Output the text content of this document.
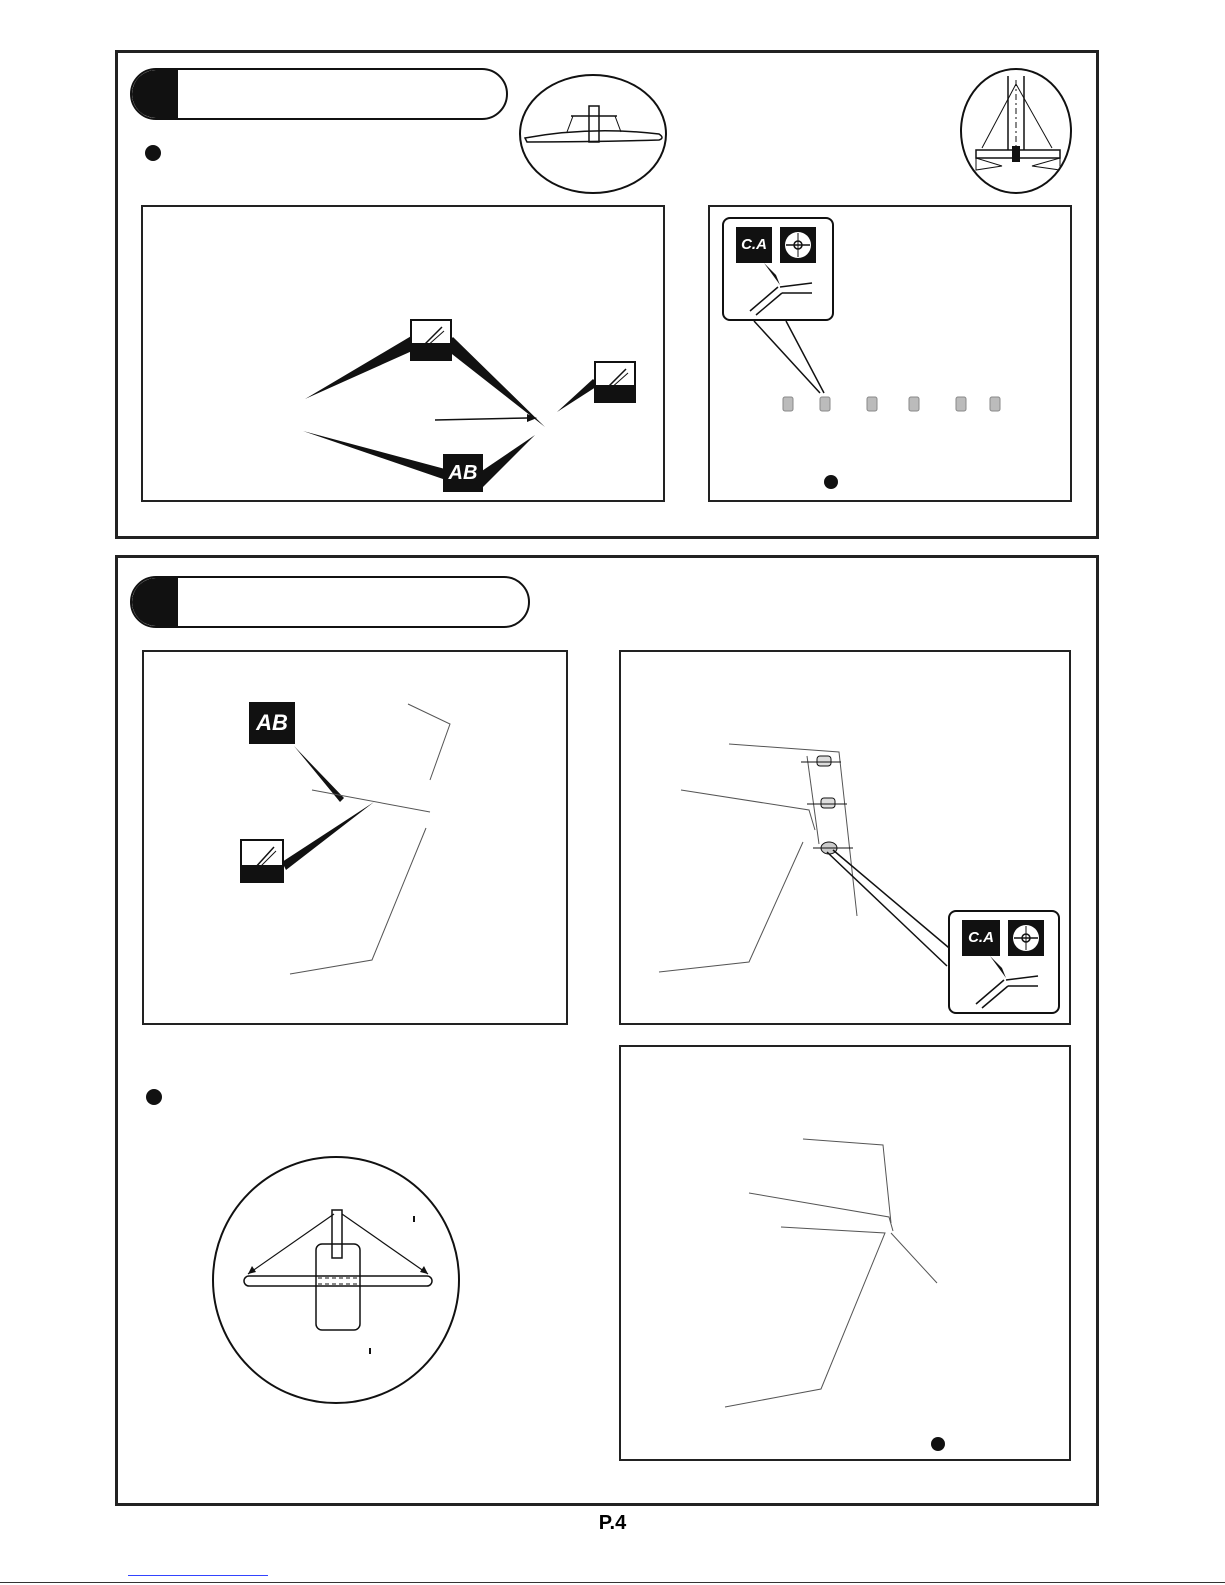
AB
C.A
AB
C.A
P.4
